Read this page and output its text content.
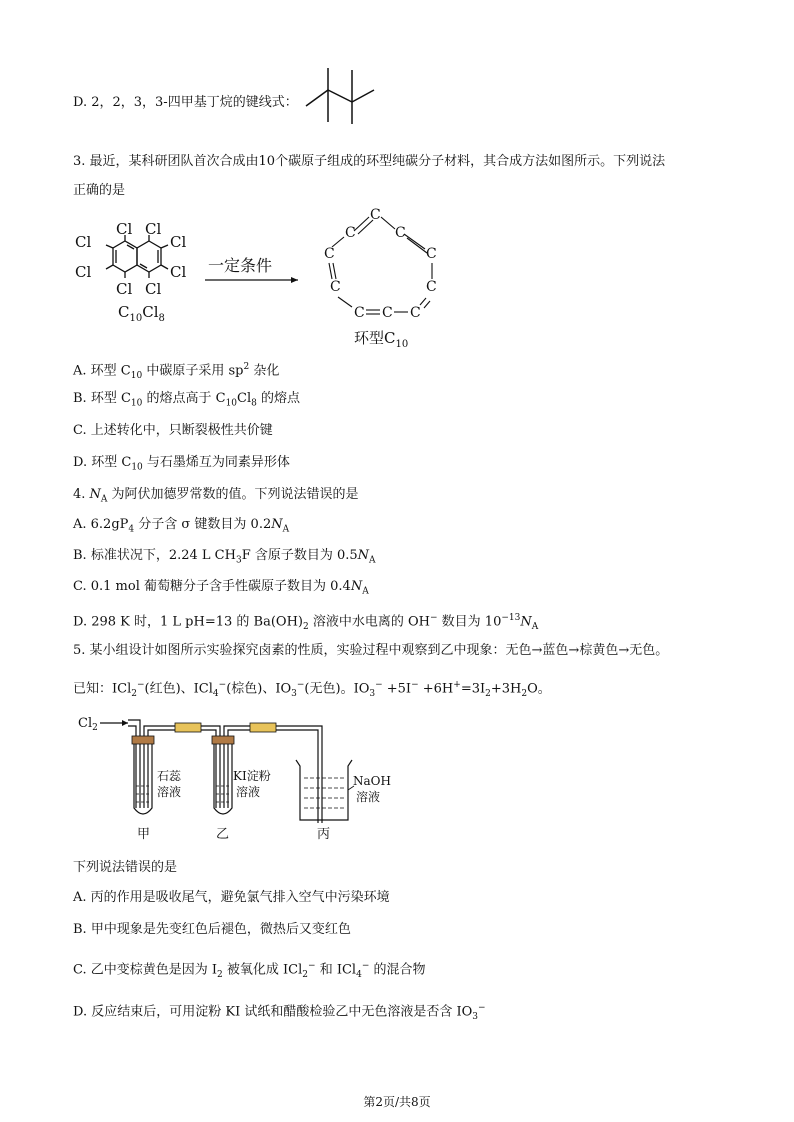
D. 2，2，3，3-四甲基丁烷的键线式：
3. 最近，某科研团队首次合成由10个碳原子组成的环型纯碳分子材料，其合成方法如图所示。下列说法
正确的是
Cl Cl
Cl	Cl
Cl	Cl
Cl Cl
$C_{10}Cl_8$
一定条件
C
C	C
C	C
C	C
C C C
环型$C_{10}$
A. 环型 $C_{10}$ 中碳原子采用 $sp^2$ 杂化
B. 环型 $C_{10}$ 的熔点高于 $C_{10}Cl_8$ 的熔点
C. 上述转化中，只断裂极性共价键
D. 环型 $C_{10}$ 与石墨烯互为同素异形体
4. $N_A$ 为阿伏加德罗常数的值。下列说法错误的是
A. $6.2gP_4$ 分子含 σ 键数目为 $0.2N_A$
B. 标准状况下，2.24 L $CH_3F$ 含原子数目为 $0.5N_A$
C. 0.1 mol 葡萄糖分子含手性碳原子数目为 $0.4N_A$
D. 298 K 时，1 L pH=13 的 $Ba(OH)_2$ 溶液中水电离的 OH− 数目为 $10^{-13}N_A$
5. 某小组设计如图所示实验探究卤素的性质，实验过程中观察到乙中现象：无色→蓝色→棕黄色→无色。
已知：ICl$_2$−(红色)、ICl$_4$−(棕色)、$IO_3^-$(无色)。$IO_3^- +5I^- +6H^+=3I_2+3H_2O$。
$Cl_2$
石蕊
溶液
KI淀粉
溶液
NaOH
溶液
甲	乙	丙
下列说法错误的是
A. 丙的作用是吸收尾气，避免氯气排入空气中污染环境
B. 甲中现象是先变红色后褪色，微热后又变红色
C. 乙中变棕黄色是因为 $I_2$ 被氧化成 ICl$_2$− 和 ICl$_4$− 的混合物
D. 反应结束后，可用淀粉 KI 试纸和醋酸检验乙中无色溶液是否含 $IO_3^-$
第2页/共8页
